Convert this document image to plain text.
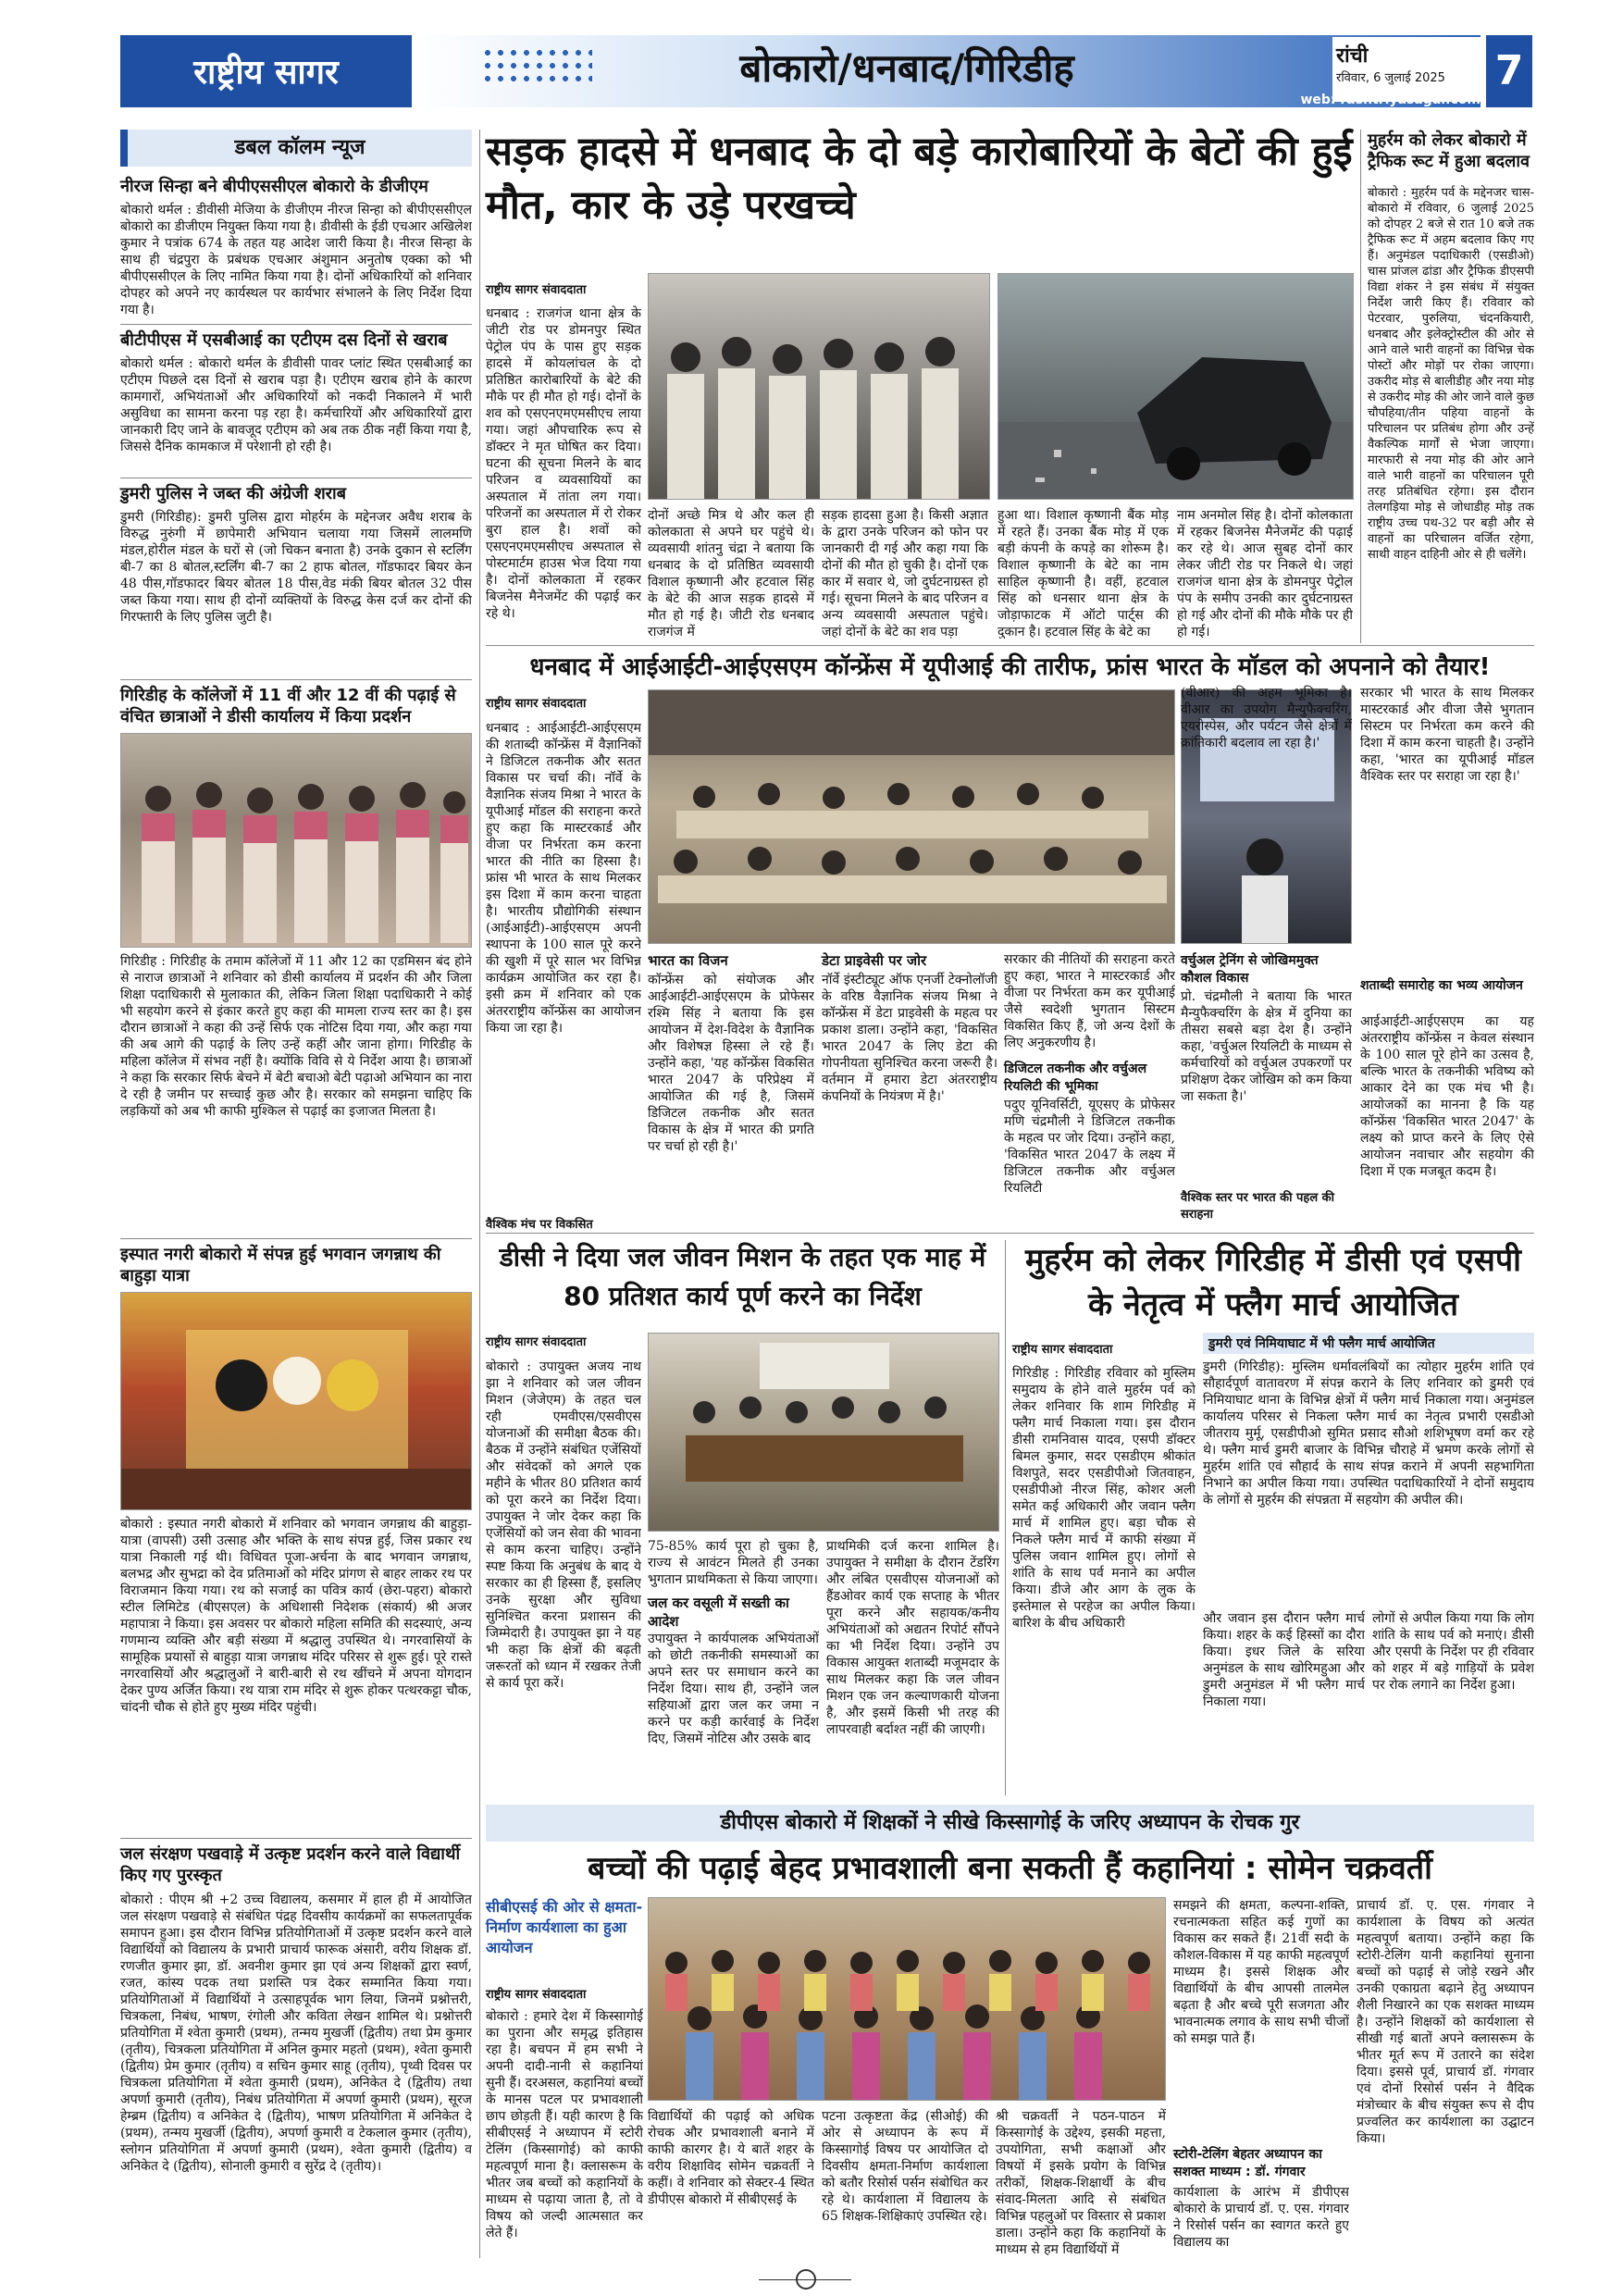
राष्ट्रीय सागर	बोकारो/धनबाद/गिरिडीह	रांची
रविवार, 6 जुलाई 2025	7
web: rashtriyasagar.com
डबल कॉलम न्यूज
नीरज सिन्हा बने बीपीएससीएल बोकारो के डीजीएम
बोकारो थर्मल : डीवीसी मेजिया के डीजीएम नीरज सिन्हा को बीपीएससीएल बोकारो का डीजीएम नियुक्त किया गया है। डीवीसी के ईडी एचआर अखिलेश कुमार ने पत्रांक 674 के तहत यह आदेश जारी किया है। नीरज सिन्हा के साथ ही चंद्रपुरा के प्रबंधक एचआर अंशुमान अनुतोष एक्का को भी बीपीएससीएल के लिए नामित किया गया है। दोनों अधिकारियों को शनिवार दोपहर को अपने नए कार्यस्थल पर कार्यभार संभालने के लिए निर्देश दिया गया है।
बीटीपीएस में एसबीआई का एटीएम दस दिनों से खराब
बोकारो थर्मल : बोकारो थर्मल के डीवीसी पावर प्लांट स्थित एसबीआई का एटीएम पिछले दस दिनों से खराब पड़ा है। एटीएम खराब होने के कारण कामगारों, अभियंताओं और अधिकारियों को नकदी निकालने में भारी असुविधा का सामना करना पड़ रहा है। कर्मचारियों और अधिकारियों द्वारा जानकारी दिए जाने के बावजूद एटीएम को अब तक ठीक नहीं किया गया है, जिससे दैनिक कामकाज में परेशानी हो रही है।
डुमरी पुलिस ने जब्त की अंग्रेजी शराब
डुमरी (गिरिडीह): डुमरी पुलिस द्वारा मोहर्रम के मद्देनजर अवैध शराब के विरुद्ध नुरुंगी में छापेमारी अभियान चलाया गया जिसमें लालमणि मंडल,होरील मंडल के घरों से (जो चिकन बनाता है) उनके दुकान से स्टर्लिंग बी-7 का 8 बोतल,स्टर्लिंग बी-7 का 2 हाफ बोतल, गॉडफादर बियर केन 48 पीस,गॉडफादर बियर बोतल 18 पीस,वेड मंकी बियर बोतल 32 पीस जब्त किया गया। साथ ही दोनों व्यक्तियों के विरुद्ध केस दर्ज कर दोनों की गिरफ्तारी के लिए पुलिस जुटी है।
गिरिडीह के कॉलेजों में 11 वीं और 12 वीं की पढ़ाई से वंचित छात्राओं ने डीसी कार्यालय में किया प्रदर्शन
गिरिडीह : गिरिडीह के तमाम कॉलेजों में 11 और 12 का एडमिसन बंद होने से नाराज छात्राओं ने शनिवार को डीसी कार्यालय में प्रदर्शन की और जिला शिक्षा पदाधिकारी से मुलाकात की, लेकिन जिला शिक्षा पदाधिकारी ने कोई भी सहयोग करने से इंकार करते हुए कहा की मामला राज्य स्तर का है। इस दौरान छात्राओं ने कहा की उन्हें सिर्फ एक नोटिस दिया गया, और कहा गया की अब आगे की पढ़ाई के लिए उन्हें कहीं और जाना होगा। गिरिडीह के महिला कॉलेज में संभव नहीं है। क्योंकि विवि से ये निर्देश आया है। छात्राओं ने कहा कि सरकार सिर्फ बेचने में बेटी बचाओ बेटी पढ़ाओ अभियान का नारा दे रही है जमीन पर सच्चाई कुछ और है। सरकार को समझना चाहिए कि लड़कियों को अब भी काफी मुश्किल से पढ़ाई का इजाजत मिलता है।
इस्पात नगरी बोकारो में संपन्न हुई भगवान जगन्नाथ की बाहुड़ा यात्रा
बोकारो : इस्पात नगरी बोकारो में शनिवार को भगवान जगन्नाथ की बाहुड़ा-यात्रा (वापसी) उसी उत्साह और भक्ति के साथ संपन्न हुई, जिस प्रकार रथ यात्रा निकाली गई थी। विधिवत पूजा-अर्चना के बाद भगवान जगन्नाथ, बलभद्र और सुभद्रा को देव प्रतिमाओं को मंदिर प्रांगण से बाहर लाकर रथ पर विराजमान किया गया। रथ को सजाई का पवित्र कार्य (छेरा-पहरा) बोकारो स्टील लिमिटेड (बीएसएल) के अधिशासी निदेशक (संकार्य) श्री अजर महापात्रा ने किया। इस अवसर पर बोकारो महिला समिति की सदस्याएं, अन्य गणमान्य व्यक्ति और बड़ी संख्या में श्रद्धालु उपस्थित थे। नगरवासियों के सामूहिक प्रयासों से बाहुड़ा यात्रा जगन्नाथ मंदिर परिसर से शुरू हुई। पूरे रास्ते नगरवासियों और श्रद्धालुओं ने बारी-बारी से रथ खींचने में अपना योगदान देकर पुण्य अर्जित किया। रथ यात्रा राम मंदिर से शुरू होकर पत्थरकट्टा चौक, चांदनी चौक से होते हुए मुख्य मंदिर पहुंची।
जल संरक्षण पखवाड़े में उत्कृष्ट प्रदर्शन करने वाले विद्यार्थी किए गए पुरस्कृत
बोकारो : पीएम श्री +2 उच्च विद्यालय, कसमार में हाल ही में आयोजित जल संरक्षण पखवाड़े से संबंधित पंद्रह दिवसीय कार्यक्रमों का सफलतापूर्वक समापन हुआ। इस दौरान विभिन्न प्रतियोगिताओं में उत्कृष्ट प्रदर्शन करने वाले विद्यार्थियों को विद्यालय के प्रभारी प्राचार्य फारूक अंसारी, वरीय शिक्षक डॉ. रणजीत कुमार झा, डॉ. अवनीश कुमार झा एवं अन्य शिक्षकों द्वारा स्वर्ण, रजत, कांस्य पदक तथा प्रशस्ति पत्र देकर सम्मानित किया गया। प्रतियोगिताओं में विद्यार्थियों ने उत्साहपूर्वक भाग लिया, जिनमें प्रश्नोत्तरी, चित्रकला, निबंध, भाषण, रंगोली और कविता लेखन शामिल थे। प्रश्नोत्तरी प्रतियोगिता में श्वेता कुमारी (प्रथम), तन्मय मुखर्जी (द्वितीय) तथा प्रेम कुमार (तृतीय), चित्रकला प्रतियोगिता में अनिल कुमार महतो (प्रथम), श्वेता कुमारी (द्वितीय) प्रेम कुमार (तृतीय) व सचिन कुमार साहू (तृतीय), पृथ्वी दिवस पर चित्रकला प्रतियोगिता में श्वेता कुमारी (प्रथम), अनिकेत दे (द्वितीय) तथा अपर्णा कुमारी (तृतीय), निबंध प्रतियोगिता में अपर्णा कुमारी (प्रथम), सूरज हेम्ब्रम (द्वितीय) व अनिकेत दे (द्वितीय), भाषण प्रतियोगिता में अनिकेत दे (प्रथम), तन्मय मुखर्जी (द्वितीय), अपर्णा कुमारी व टेकलाल कुमार (तृतीय), स्लोगन प्रतियोगिता में अपर्णा कुमारी (प्रथम), श्वेता कुमारी (द्वितीय) व अनिकेत दे (द्वितीय), सोनाली कुमारी व सुरेंद्र दे (तृतीय)।
सड़क हादसे में धनबाद के दो बड़े कारोबारियों के बेटों की हुई मौत, कार के उड़े परखच्चे
राष्ट्रीय सागर संवाददाता
धनबाद : राजगंज थाना क्षेत्र के जीटी रोड पर डोमनपुर स्थित पेट्रोल पंप के पास हुए सड़क हादसे में कोयलांचल के दो प्रतिष्ठित कारोबारियों के बेटे की मौके पर ही मौत हो गई। दोनों के शव को एसएनएमएमसीएच लाया गया। जहां औपचारिक रूप से डॉक्टर ने मृत घोषित कर दिया। घटना की सूचना मिलने के बाद परिजन व व्यवसायियों का अस्पताल में तांता लग गया। परिजनों का अस्पताल में रो रोकर बुरा हाल है। शवों को एसएनएमएमसीएच अस्पताल से पोस्टमार्टम हाउस भेज दिया गया है। दोनों कोलकाता में रहकर बिजनेस मैनेजमेंट की पढ़ाई कर रहे थे।
दोनों अच्छे मित्र थे और कल ही कोलकाता से अपने घर पहुंचे थे। व्यवसायी शांतनु चंद्रा ने बताया कि धनबाद के दो प्रतिष्ठित व्यवसायी विशाल कृष्णानी और हटवाल सिंह के बेटे की आज सड़क हादसे में मौत हो गई है। जीटी रोड धनबाद राजगंज में
सड़क हादसा हुआ है। किसी अज्ञात के द्वारा उनके परिजन को फोन पर जानकारी दी गई और कहा गया कि दोनों की मौत हो चुकी है। दोनों एक कार में सवार थे, जो दुर्घटनाग्रस्त हो गई। सूचना मिलने के बाद परिजन व अन्य व्यवसायी अस्पताल पहुंचे। जहां दोनों के बेटे का शव पड़ा
हुआ था। विशाल कृष्णानी बैंक मोड़ में रहते हैं। उनका बैंक मोड़ में एक बड़ी कंपनी के कपड़े का शोरूम है। विशाल कृष्णानी के बेटे का नाम साहिल कृष्णानी है। वहीं, हटवाल सिंह को धनसार थाना क्षेत्र के जोड़ाफाटक में ऑटो पार्ट्स की दुकान है। हटवाल सिंह के बेटे का
नाम अनमोल सिंह है। दोनों कोलकाता में रहकर बिजनेस मैनेजमेंट की पढ़ाई कर रहे थे। आज सुबह दोनों कार लेकर जीटी रोड पर निकले थे। जहां राजगंज थाना क्षेत्र के डोमनपुर पेट्रोल पंप के समीप उनकी कार दुर्घटनाग्रस्त हो गई और दोनों की मौके मौके पर ही हो गई।
मुहर्रम को लेकर बोकारो में ट्रैफिक रूट में हुआ बदलाव
बोकारो : मुहर्रम पर्व के मद्देनजर चास-बोकारो में रविवार, 6 जुलाई 2025 को दोपहर 2 बजे से रात 10 बजे तक ट्रैफिक रूट में अहम बदलाव किए गए हैं। अनुमंडल पदाधिकारी (एसडीओ) चास प्रांजल ढांडा और ट्रैफिक डीएसपी विद्या शंकर ने इस संबंध में संयुक्त निर्देश जारी किए हैं। रविवार को पेटरवार, पुरुलिया, चंदनकियारी, धनबाद और इलेक्ट्रोस्टील की ओर से आने वाले भारी वाहनों का विभिन्न चेक पोस्टों और मोड़ों पर रोका जाएगा। उकरीद मोड़ से बालीडीह और नया मोड़ से उकरीद मोड़ की ओर जाने वाले कुछ चौपहिया/तीन पहिया वाहनों के परिचालन पर प्रतिबंध होगा और उन्हें वैकल्पिक मार्गों से भेजा जाएगा। मारफारी से नया मोड़ की ओर आने वाले भारी वाहनों का परिचालन पूरी तरह प्रतिबंधित रहेगा। इस दौरान तेलगड़िया मोड़ से जोधाडीह मोड़ तक राष्ट्रीय उच्च पथ-32 पर बड़ी और से वाहनों का परिचालन वर्जित रहेगा, साथी वाहन दाहिनी ओर से ही चलेंगे।
धनबाद में आईआईटी-आईएसएम कॉन्फ्रेंस में यूपीआई की तारीफ, फ्रांस भारत के मॉडल को अपनाने को तैयार!
राष्ट्रीय सागर संवाददाता
धनबाद : आईआईटी-आईएसएम की शताब्दी कॉन्फ्रेंस में वैज्ञानिकों ने डिजिटल तकनीक और सतत विकास पर चर्चा की। नॉर्वे के वैज्ञानिक संजय मिश्रा ने भारत के यूपीआई मॉडल की सराहना करते हुए कहा कि मास्टरकार्ड और वीजा पर निर्भरता कम करना भारत की नीति का हिस्सा है। फ्रांस भी भारत के साथ मिलकर इस दिशा में काम करना चाहता है। भारतीय प्रौद्योगिकी संस्थान (आईआईटी)-आईएसएम अपनी स्थापना के 100 साल पूरे करने की खुशी में पूरे साल भर विभिन्न कार्यक्रम आयोजित कर रहा है। इसी क्रम में शनिवार को एक अंतरराष्ट्रीय कॉन्फ्रेंस का आयोजन किया जा रहा है।
वैश्विक मंच पर विकसित
भारत का विजन
कॉन्फ्रेंस को संयोजक और आईआईटी-आईएसएम के प्रोफेसर रश्मि सिंह ने बताया कि इस आयोजन में देश-विदेश के वैज्ञानिक और विशेषज्ञ हिस्सा ले रहे हैं। उन्होंने कहा, 'यह कॉन्फ्रेंस विकसित भारत 2047 के परिप्रेक्ष्य में आयोजित की गई है, जिसमें डिजिटल तकनीक और सतत विकास के क्षेत्र में भारत की प्रगति पर चर्चा हो रही है।'
डेटा प्राइवेसी पर जोर
नॉर्वे इंस्टीट्यूट ऑफ एनर्जी टेक्नोलॉजी के वरिष्ठ वैज्ञानिक संजय मिश्रा ने कॉन्फ्रेंस में डेटा प्राइवेसी के महत्व पर प्रकाश डाला। उन्होंने कहा, 'विकसित भारत 2047 के लिए डेटा की गोपनीयता सुनिश्चित करना जरूरी है। वर्तमान में हमारा डेटा अंतरराष्ट्रीय कंपनियों के नियंत्रण में है।'
सरकार की नीतियों की सराहना करते हुए कहा, भारत ने मास्टरकार्ड और वीजा पर निर्भरता कम कर यूपीआई जैसे स्वदेशी भुगतान सिस्टम विकसित किए हैं, जो अन्य देशों के लिए अनुकरणीय है।
डिजिटल तकनीक और वर्चुअल रियलिटी की भूमिका
पदुए यूनिवर्सिटी, यूएसए के प्रोफेसर मणि चंद्रमौली ने डिजिटल तकनीक के महत्व पर जोर दिया। उन्होंने कहा, 'विकसित भारत 2047 के लक्ष्य में डिजिटल तकनीक और वर्चुअल रियलिटी
(वीआर) की अहम भूमिका है। वीआर का उपयोग मैन्युफैक्चरिंग, एयरोस्पेस, और पर्यटन जैसे क्षेत्रों में क्रांतिकारी बदलाव ला रहा है।'
वर्चुअल ट्रेनिंग से जोखिममुक्त कौशल विकास
प्रो. चंद्रमौली ने बताया कि भारत मैन्युफैक्चरिंग के क्षेत्र में दुनिया का तीसरा सबसे बड़ा देश है। उन्होंने कहा, 'वर्चुअल रियलिटी के माध्यम से कर्मचारियों को वर्चुअल उपकरणों पर प्रशिक्षण देकर जोखिम को कम किया जा सकता है।'
वैश्विक स्तर पर भारत की पहल की सराहना
सरकार भी भारत के साथ मिलकर मास्टरकार्ड और वीजा जैसे भुगतान सिस्टम पर निर्भरता कम करने की दिशा में काम करना चाहती है। उन्होंने कहा, 'भारत का यूपीआई मॉडल वैश्विक स्तर पर सराहा जा रहा है।'
शताब्दी समारोह का भव्य आयोजन
आईआईटी-आईएसएम का यह अंतरराष्ट्रीय कॉन्फ्रेंस न केवल संस्थान के 100 साल पूरे होने का उत्सव है, बल्कि भारत के तकनीकी भविष्य को आकार देने का एक मंच भी है। आयोजकों का मानना है कि यह कॉन्फ्रेंस 'विकसित भारत 2047' के लक्ष्य को प्राप्त करने के लिए ऐसे आयोजन नवाचार और सहयोग की दिशा में एक मजबूत कदम है।
डीसी ने दिया जल जीवन मिशन के तहत एक माह में 80 प्रतिशत कार्य पूर्ण करने का निर्देश
राष्ट्रीय सागर संवाददाता
बोकारो : उपायुक्त अजय नाथ झा ने शनिवार को जल जीवन मिशन (जेजेएम) के तहत चल रही एमवीएस/एसवीएस योजनाओं की समीक्षा बैठक की। बैठक में उन्होंने संबंधित एजेंसियों और संवेदकों को अगले एक महीने के भीतर 80 प्रतिशत कार्य को पूरा करने का निर्देश दिया। उपायुक्त ने जोर देकर कहा कि एजेंसियों को जन सेवा की भावना से काम करना चाहिए। उन्होंने स्पष्ट किया कि अनुबंध के बाद ये सरकार का ही हिस्सा हैं, इसलिए उनके सुरक्षा और सुविधा सुनिश्चित करना प्रशासन की जिम्मेदारी है। उपायुक्त झा ने यह भी कहा कि क्षेत्रों की बढ़ती जरूरतों को ध्यान में रखकर तेजी से कार्य पूरा करें।
75-85% कार्य पूरा हो चुका है, राज्य से आवंटन मिलते ही उनका भुगतान प्राथमिकता से किया जाएगा।
जल कर वसूली में सख्ती का आदेश
उपायुक्त ने कार्यपालक अभियंताओं को छोटी तकनीकी समस्याओं का अपने स्तर पर समाधान करने का निर्देश दिया। साथ ही, उन्होंने जल सहियाओं द्वारा जल कर जमा न करने पर कड़ी कार्रवाई के निर्देश दिए, जिसमें नोटिस और उसके बाद
प्राथमिकी दर्ज करना शामिल है। उपायुक्त ने समीक्षा के दौरान टेंडरिंग और लंबित एसवीएस योजनाओं को हैंडओवर कार्य एक सप्ताह के भीतर पूरा करने और सहायक/कनीय अभियंताओं को अद्यतन रिपोर्ट सौंपने का भी निर्देश दिया। उन्होंने उप विकास आयुक्त शताब्दी मजूमदार के साथ मिलकर कहा कि जल जीवन मिशन एक जन कल्याणकारी योजना है, और इसमें किसी भी तरह की लापरवाही बर्दाश्त नहीं की जाएगी।
मुहर्रम को लेकर गिरिडीह में डीसी एवं एसपी के नेतृत्व में फ्लैग मार्च आयोजित
राष्ट्रीय सागर संवाददाता	डुमरी एवं निमियाघाट में भी फ्लैग मार्च आयोजित
गिरिडीह : गिरिडीह रविवार को मुस्लिम समुदाय के होने वाले मुहर्रम पर्व को लेकर शनिवार कि शाम गिरिडीह में फ्लैग मार्च निकाला गया। इस दौरान डीसी रामनिवास यादव, एसपी डॉक्टर बिमल कुमार, सदर एसडीएम श्रीकांत विशपुते, सदर एसडीपीओ जितवाहन, एसडीपीओ नीरज सिंह, कोशर अली समेत कई अधिकारी और जवान फ्लैग मार्च में शामिल हुए। बड़ा चौक से निकले फ्लैग मार्च में काफी संख्या में पुलिस जवान शामिल हुए। लोगों से शांति के साथ पर्व मनाने का अपील किया। डीजे और आग के लुक के इस्तेमाल से परहेज का अपील किया। बारिश के बीच अधिकारी
डुमरी (गिरिडीह): मुस्लिम धर्मावलंबियों का त्योहार मुहर्रम शांति एवं सौहार्दपूर्ण वातावरण में संपन्न कराने के लिए शनिवार को डुमरी एवं निमियाघाट थाना के विभिन्न क्षेत्रों में फ्लैग मार्च निकाला गया। अनुमंडल कार्यालय परिसर से निकला फ्लैग मार्च का नेतृत्व प्रभारी एसडीओ जीतराय मुर्मू, एसडीपीओ सुमित प्रसाद सौओ शशिभूषण वर्मा कर रहे थे। फ्लैग मार्च डुमरी बाजार के विभिन्न चौराहे में भ्रमण करके लोगों से मुहर्रम शांति एवं सौहार्द के साथ संपन्न कराने में अपनी सहभागिता निभाने का अपील किया गया। उपस्थित पदाधिकारियों ने दोनों समुदाय के लोगों से मुहर्रम की संपन्नता में सहयोग की अपील की।
और जवान इस दौरान फ्लैग मार्च किया। शहर के कई हिस्सों का दौरा किया। इधर जिले के सरिया अनुमंडल के साथ खोरिमहुआ और डुमरी अनुमंडल में भी फ्लैग मार्च निकाला गया।
लोगों से अपील किया गया कि लोग शांति के साथ पर्व को मनाएं। डीसी और एसपी के निर्देश पर ही रविवार को शहर में बड़े गाड़ियों के प्रवेश पर रोक लगाने का निर्देश हुआ।
डीपीएस बोकारो में शिक्षकों ने सीखे किस्सागोई के जरिए अध्यापन के रोचक गुर
बच्चों की पढ़ाई बेहद प्रभावशाली बना सकती हैं कहानियां : सोमेन चक्रवर्ती
सीबीएसई की ओर से क्षमता-निर्माण कार्यशाला का हुआ आयोजन
राष्ट्रीय सागर संवाददाता
बोकारो : हमारे देश में किस्सागोई का पुराना और समृद्ध इतिहास रहा है। बचपन में हम सभी ने अपनी दादी-नानी से कहानियां सुनी हैं। दरअसल, कहानियां बच्चों के मानस पटल पर प्रभावशाली छाप छोड़ती हैं। यही कारण है कि सीबीएसई ने अध्यापन में स्टोरी टेलिंग (किस्सागोई) को काफी महत्वपूर्ण माना है। क्लासरूम के भीतर जब बच्चों को कहानियों के माध्यम से पढ़ाया जाता है, तो वे विषय को जल्दी आत्मसात कर लेते हैं।
विद्यार्थियों की पढ़ाई को अधिक रोचक और प्रभावशाली बनाने में काफी कारगर है। ये बातें शहर के वरीय शिक्षाविद सोमेन चक्रवर्ती ने कहीं। वे शनिवार को सेक्टर-4 स्थित डीपीएस बोकारो में सीबीएसई के
पटना उत्कृष्टता केंद्र (सीओई) की ओर से अध्यापन के रूप में किस्सागोई विषय पर आयोजित दो दिवसीय क्षमता-निर्माण कार्यशाला को बतौर रिसोर्स पर्सन संबोधित कर रहे थे। कार्यशाला में विद्यालय के 65 शिक्षक-शिक्षिकाएं उपस्थित रहे।
श्री चक्रवर्ती ने पठन-पाठन में किस्सागोई के उद्देश्य, इसकी महत्ता, उपयोगिता, सभी कक्षाओं और विषयों में इसके प्रयोग के विभिन्न तरीकों, शिक्षक-शिक्षार्थी के बीच संवाद-मिलता आदि से संबंधित विभिन्न पहलुओं पर विस्तार से प्रकाश डाला। उन्होंने कहा कि कहानियों के माध्यम से हम विद्यार्थियों में
समझने की क्षमता, कल्पना-शक्ति, रचनात्मकता सहित कई गुणों का विकास कर सकते हैं। 21वीं सदी के कौशल-विकास में यह काफी महत्वपूर्ण माध्यम है। इससे शिक्षक और विद्यार्थियों के बीच आपसी तालमेल बढ़ता है और बच्चे पूरी सजगता और भावनात्मक लगाव के साथ सभी चीजों को समझ पाते हैं।
स्टोरी-टेलिंग बेहतर अध्यापन का सशक्त माध्यम : डॉ. गंगवार
कार्यशाला के आरंभ में डीपीएस बोकारो के प्राचार्य डॉ. ए. एस. गंगवार ने रिसोर्स पर्सन का स्वागत करते हुए विद्यालय का
प्राचार्य डॉ. ए. एस. गंगवार ने कार्यशाला के विषय को अत्यंत महत्वपूर्ण बताया। उन्होंने कहा कि स्टोरी-टेलिंग यानी कहानियां सुनाना बच्चों को पढ़ाई से जोड़े रखने और उनकी एकाग्रता बढ़ाने हेतु अध्यापन शैली निखारने का एक सशक्त माध्यम है। उन्होंने शिक्षकों को कार्यशाला से सीखी गई बातों अपने क्लासरूम के भीतर मूर्त रूप में उतारने का संदेश दिया। इससे पूर्व, प्राचार्य डॉ. गंगवार एवं दोनों रिसोर्स पर्सन ने वैदिक मंत्रोच्चार के बीच संयुक्त रूप से दीप प्रज्वलित कर कार्यशाला का उद्घाटन किया।
